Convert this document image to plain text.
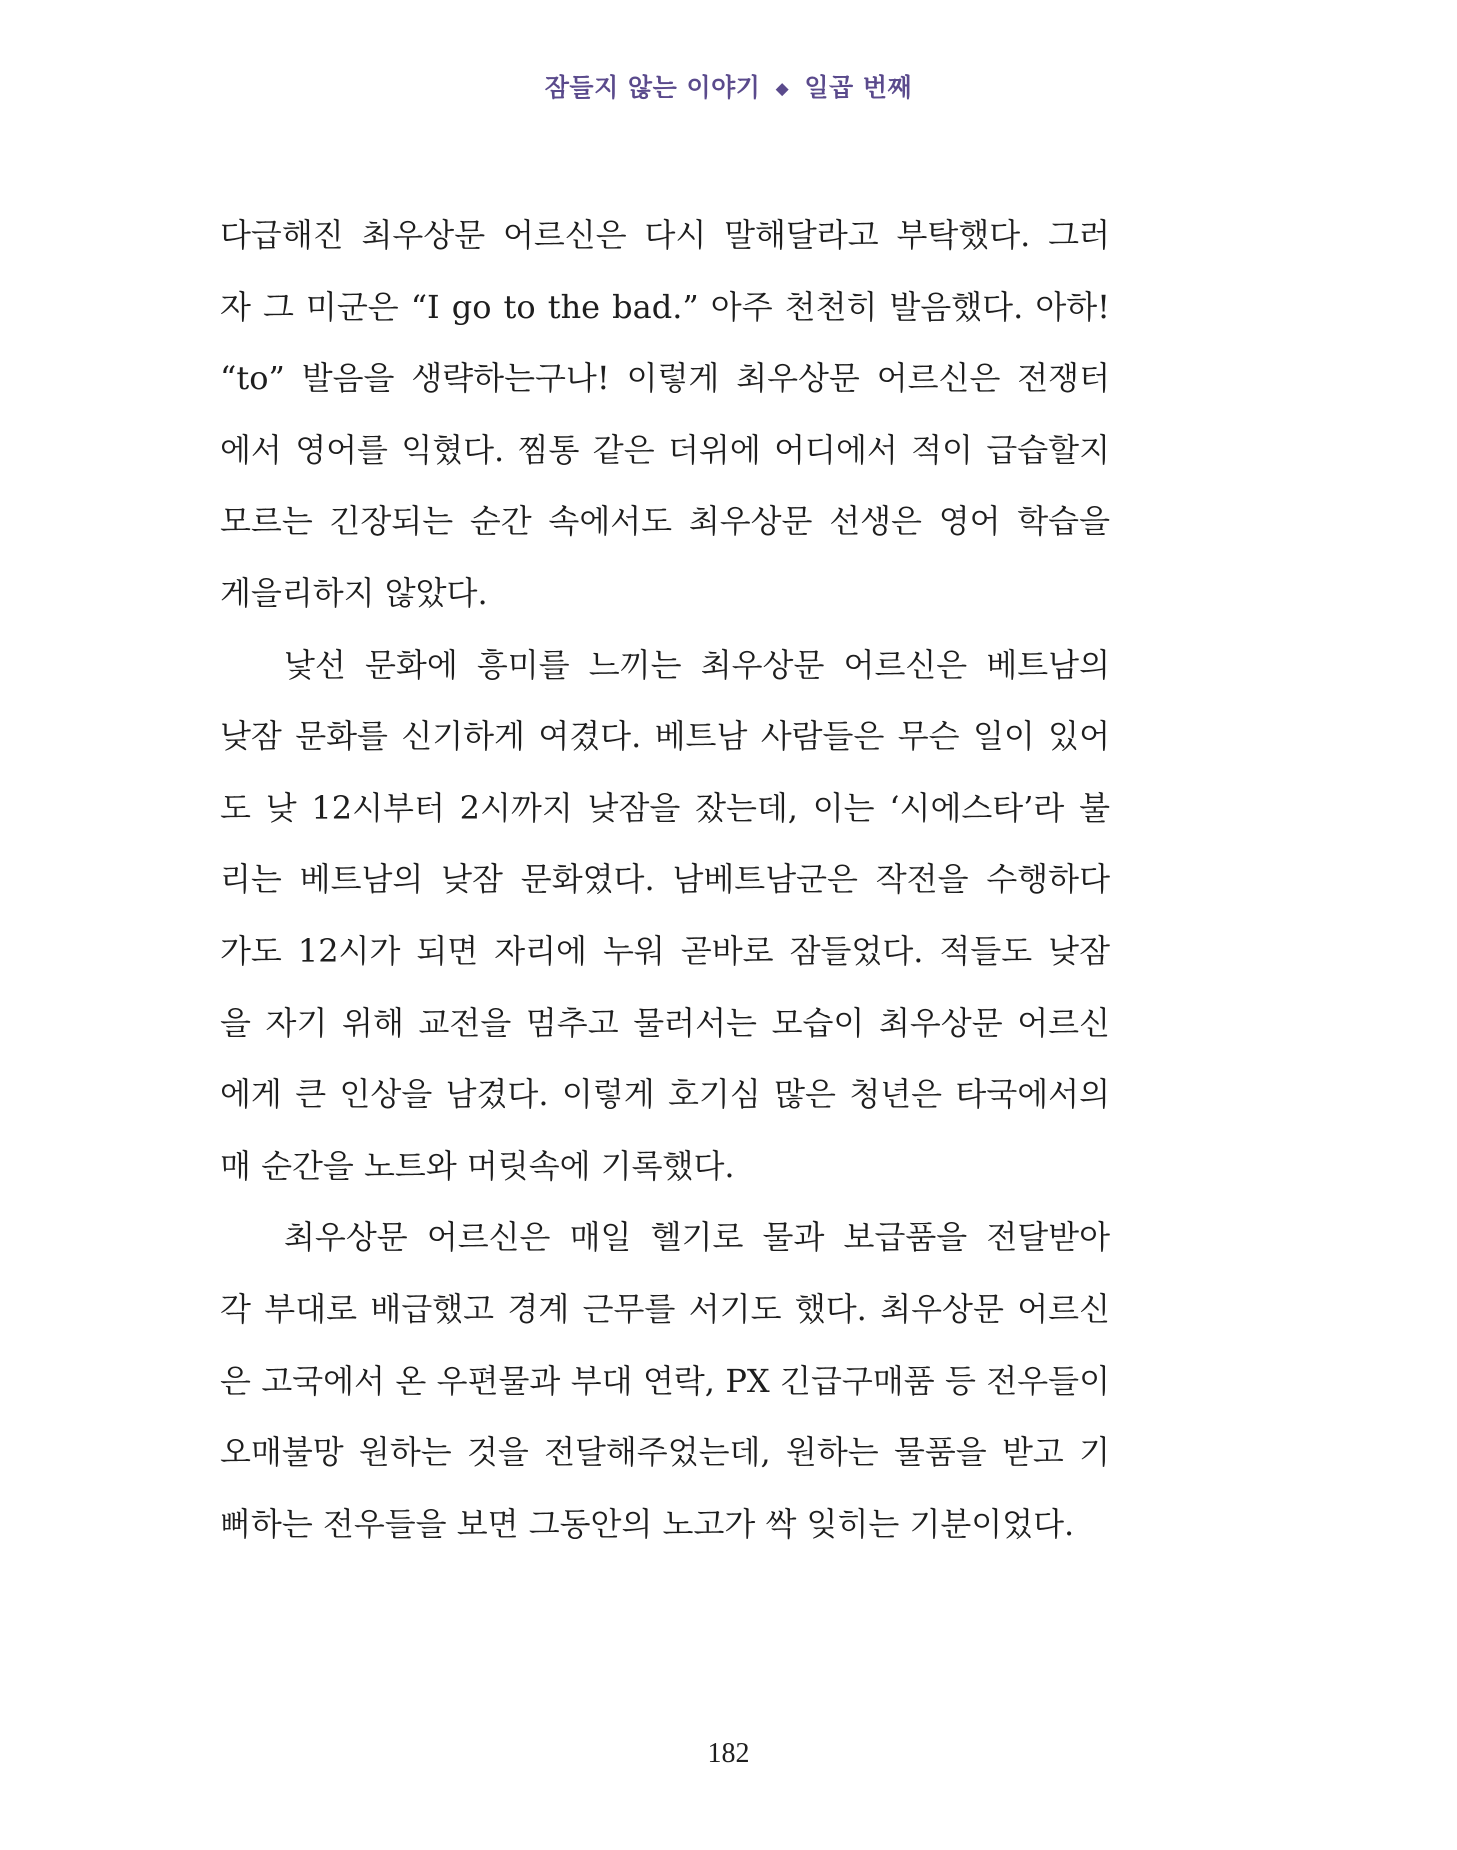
잠들지 않는 이야기 ◆ 일곱 번째
다급해진 최우상문 어르신은 다시 말해달라고 부탁했다. 그러
자 그 미군은 “I go to the bad.” 아주 천천히 발음했다. 아하!
“to” 발음을 생략하는구나! 이렇게 최우상문 어르신은 전쟁터
에서 영어를 익혔다. 찜통 같은 더위에 어디에서 적이 급습할지
모르는 긴장되는 순간 속에서도 최우상문 선생은 영어 학습을
게을리하지 않았다.
낯선 문화에 흥미를 느끼는 최우상문 어르신은 베트남의
낮잠 문화를 신기하게 여겼다. 베트남 사람들은 무슨 일이 있어
도 낮 12시부터 2시까지 낮잠을 잤는데, 이는 ‘시에스타’라 불
리는 베트남의 낮잠 문화였다. 남베트남군은 작전을 수행하다
가도 12시가 되면 자리에 누워 곧바로 잠들었다. 적들도 낮잠
을 자기 위해 교전을 멈추고 물러서는 모습이 최우상문 어르신
에게 큰 인상을 남겼다. 이렇게 호기심 많은 청년은 타국에서의
매 순간을 노트와 머릿속에 기록했다.
최우상문 어르신은 매일 헬기로 물과 보급품을 전달받아
각 부대로 배급했고 경계 근무를 서기도 했다. 최우상문 어르신
은 고국에서 온 우편물과 부대 연락, PX 긴급구매품 등 전우들이
오매불망 원하는 것을 전달해주었는데, 원하는 물품을 받고 기
뻐하는 전우들을 보면 그동안의 노고가 싹 잊히는 기분이었다.
182
